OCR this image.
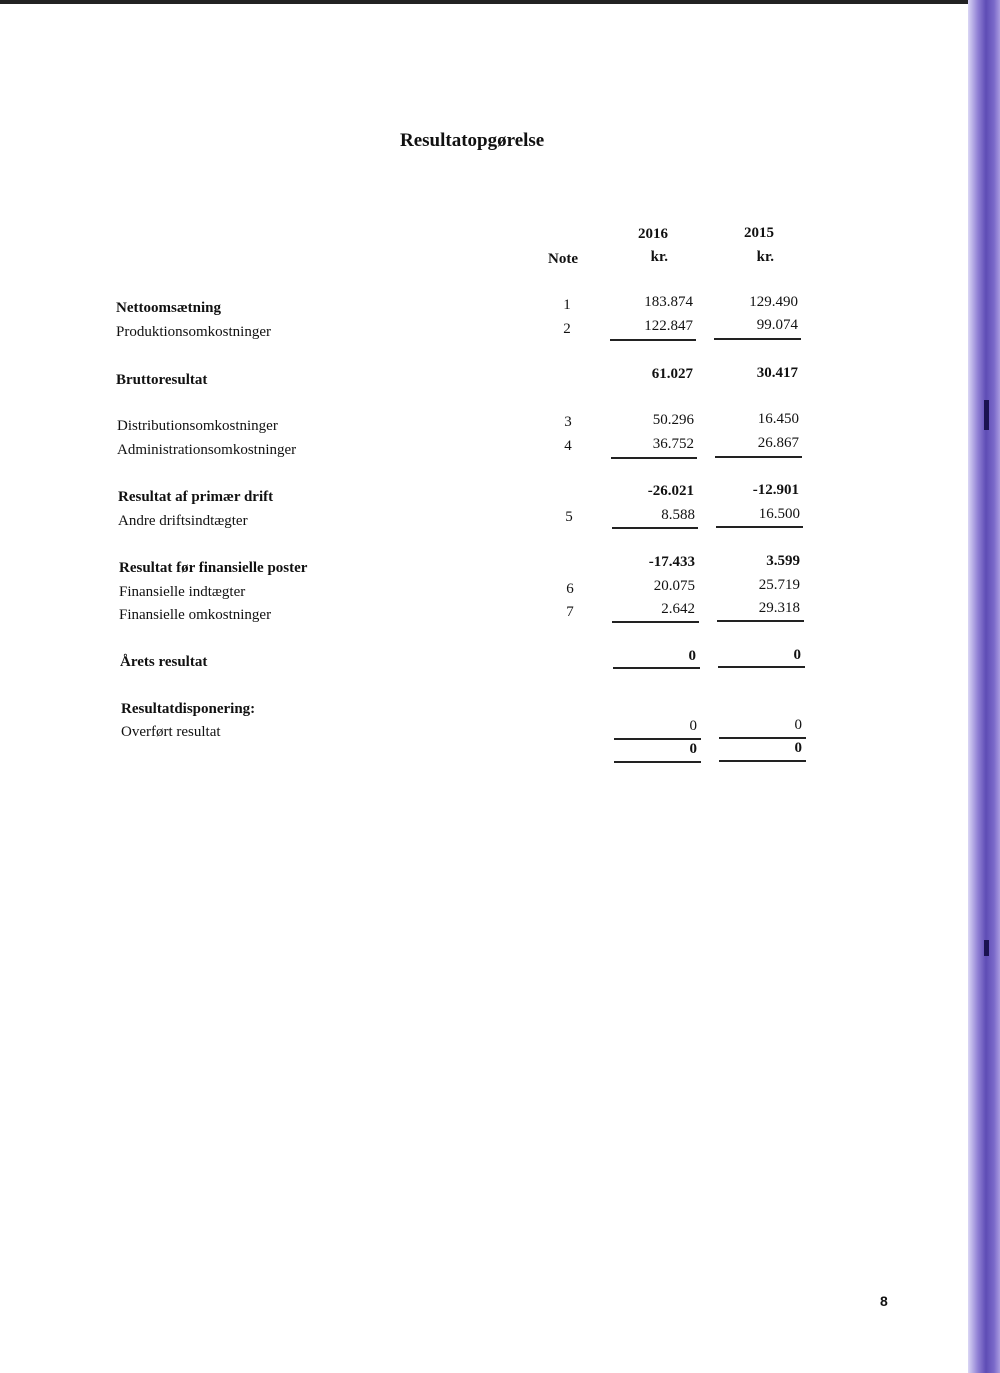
Resultatopgørelse
Note
2016
kr.
2015
kr.
Nettoomsætning	1	183.874	129.490
Produktionsomkostninger	2	122.847	99.074
Bruttoresultat	61.027	30.417
Distributionsomkostninger	3	50.296	16.450
Administrationsomkostninger	4	36.752	26.867
Resultat af primær drift	-26.021	-12.901
Andre driftsindtægter	5	8.588	16.500
Resultat før finansielle poster	-17.433	3.599
Finansielle indtægter	6	20.075	25.719
Finansielle omkostninger	7	2.642	29.318
Årets resultat	0	0
Resultatdisponering:
Overført resultat	0	0
0	0
8
